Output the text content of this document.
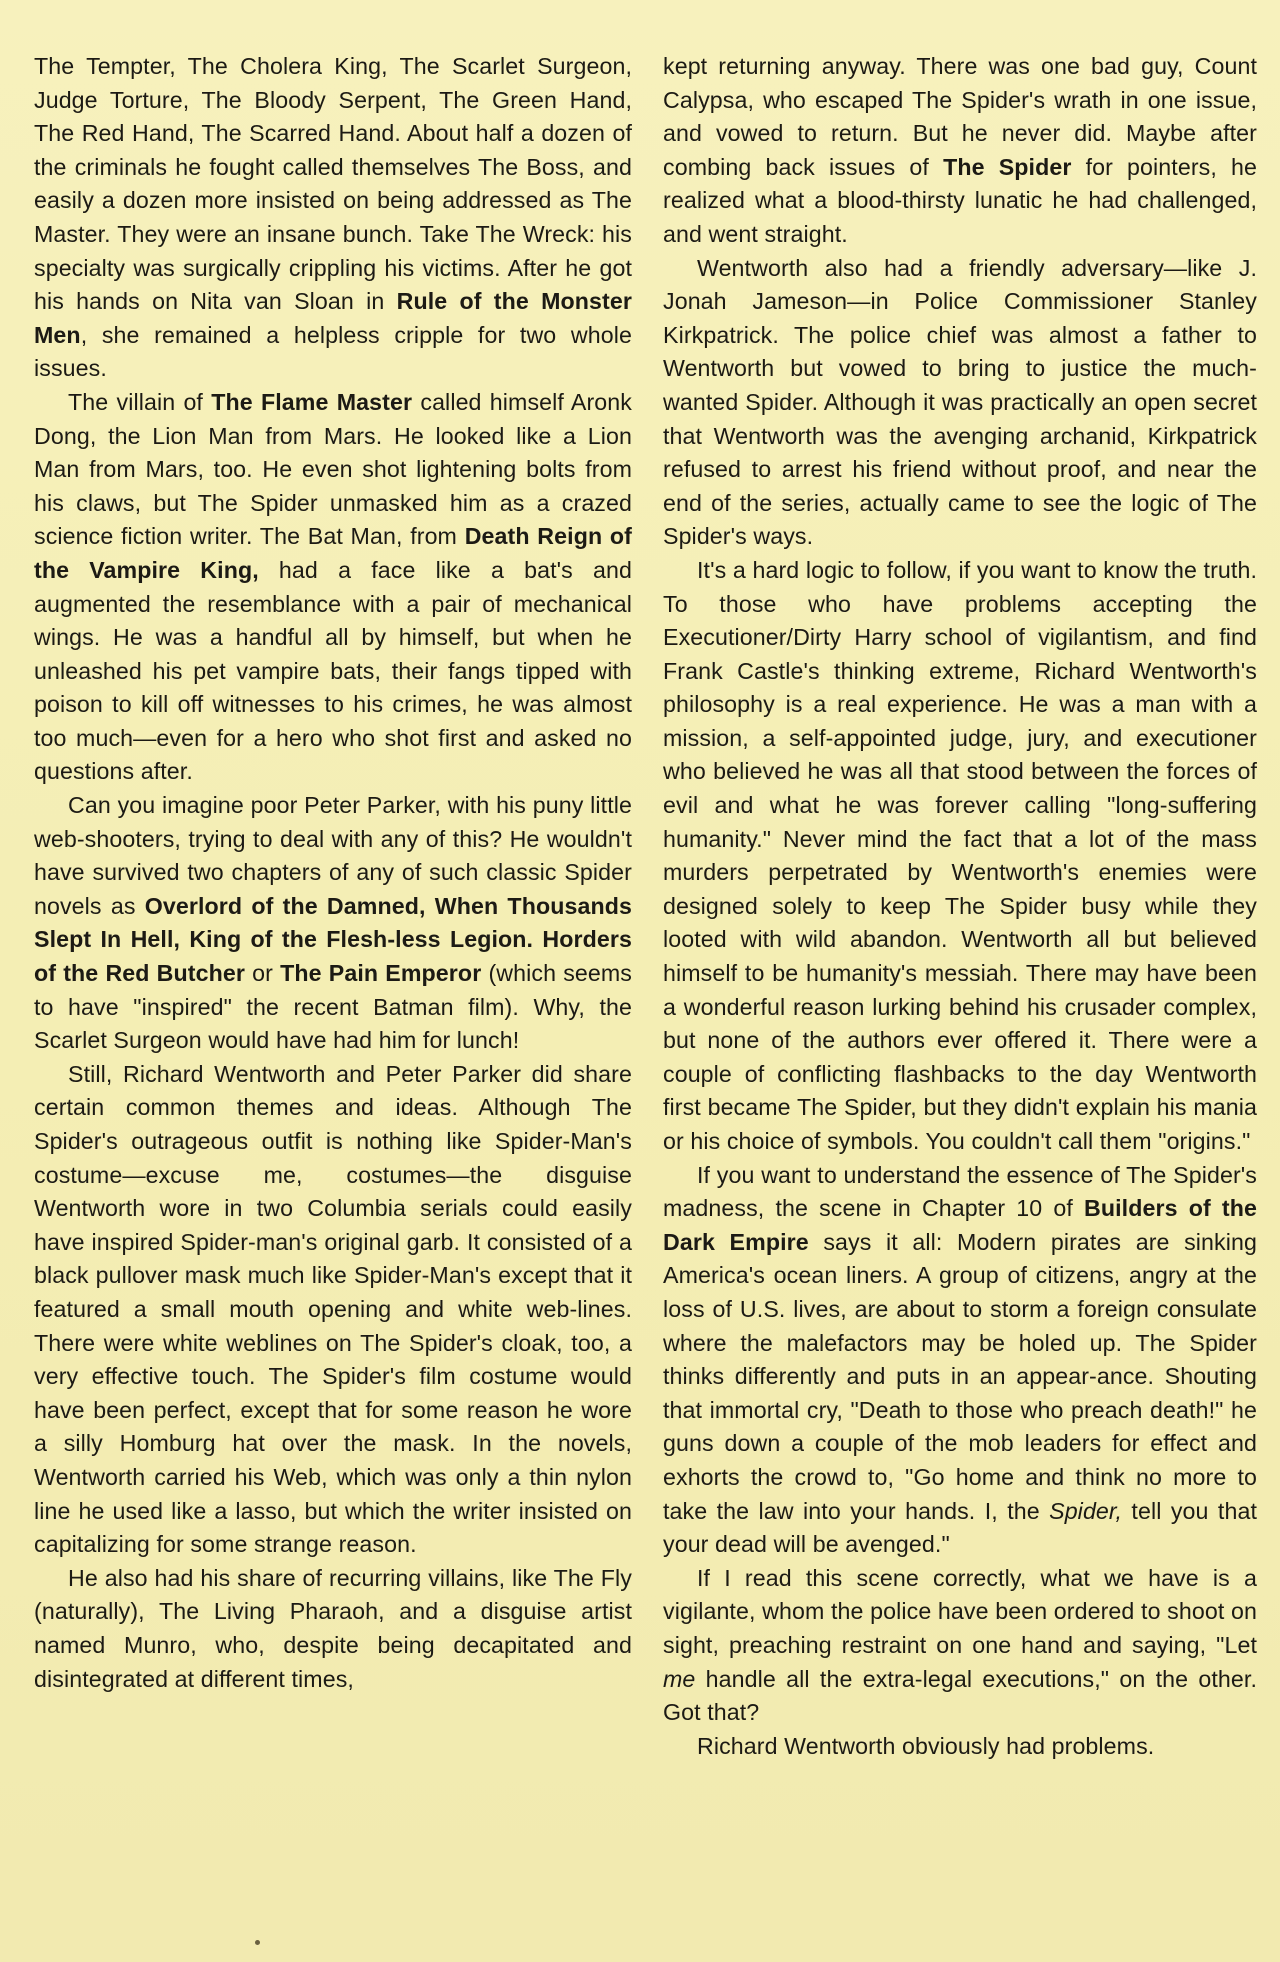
The Tempter, The Cholera King, The Scarlet Surgeon, Judge Torture, The Bloody Serpent, The Green Hand, The Red Hand, The Scarred Hand. About half a dozen of the criminals he fought called themselves The Boss, and easily a dozen more insisted on being addressed as The Master. They were an insane bunch. Take The Wreck: his specialty was surgically crippling his victims. After he got his hands on Nita van Sloan in Rule of the Monster Men, she remained a helpless cripple for two whole issues.

The villain of The Flame Master called himself Aronk Dong, the Lion Man from Mars. He looked like a Lion Man from Mars, too. He even shot lightening bolts from his claws, but The Spider unmasked him as a crazed science fiction writer. The Bat Man, from Death Reign of the Vampire King, had a face like a bat's and augmented the resemblance with a pair of mechanical wings. He was a handful all by himself, but when he unleashed his pet vampire bats, their fangs tipped with poison to kill off witnesses to his crimes, he was almost too much—even for a hero who shot first and asked no questions after.

Can you imagine poor Peter Parker, with his puny little web-shooters, trying to deal with any of this? He wouldn't have survived two chapters of any of such classic Spider novels as Overlord of the Damned, When Thousands Slept In Hell, King of the Flesh-less Legion. Horders of the Red Butcher or The Pain Emperor (which seems to have "inspired" the recent Batman film). Why, the Scarlet Surgeon would have had him for lunch!

Still, Richard Wentworth and Peter Parker did share certain common themes and ideas. Although The Spider's outrageous outfit is nothing like Spider-Man's costume—excuse me, costumes—the disguise Wentworth wore in two Columbia serials could easily have inspired Spider-man's original garb. It consisted of a black pullover mask much like Spider-Man's except that it featured a small mouth opening and white web-lines. There were white weblines on The Spider's cloak, too, a very effective touch. The Spider's film costume would have been perfect, except that for some reason he wore a silly Homburg hat over the mask. In the novels, Wentworth carried his Web, which was only a thin nylon line he used like a lasso, but which the writer insisted on capitalizing for some strange reason.

He also had his share of recurring villains, like The Fly (naturally), The Living Pharaoh, and a disguise artist named Munro, who, despite being decapitated and disintegrated at different times,

kept returning anyway. There was one bad guy, Count Calypsa, who escaped The Spider's wrath in one issue, and vowed to return. But he never did. Maybe after combing back issues of The Spider for pointers, he realized what a blood-thirsty lunatic he had challenged, and went straight.

Wentworth also had a friendly adversary—like J. Jonah Jameson—in Police Commissioner Stanley Kirkpatrick. The police chief was almost a father to Wentworth but vowed to bring to justice the much-wanted Spider. Although it was practically an open secret that Wentworth was the avenging archanid, Kirkpatrick refused to arrest his friend without proof, and near the end of the series, actually came to see the logic of The Spider's ways.

It's a hard logic to follow, if you want to know the truth. To those who have problems accepting the Executioner/Dirty Harry school of vigilantism, and find Frank Castle's thinking extreme, Richard Wentworth's philosophy is a real experience. He was a man with a mission, a self-appointed judge, jury, and executioner who believed he was all that stood between the forces of evil and what he was forever calling "long-suffering humanity." Never mind the fact that a lot of the mass murders perpetrated by Wentworth's enemies were designed solely to keep The Spider busy while they looted with wild abandon. Wentworth all but believed himself to be humanity's messiah. There may have been a wonderful reason lurking behind his crusader complex, but none of the authors ever offered it. There were a couple of conflicting flashbacks to the day Wentworth first became The Spider, but they didn't explain his mania or his choice of symbols. You couldn't call them "origins."

If you want to understand the essence of The Spider's madness, the scene in Chapter 10 of Builders of the Dark Empire says it all: Modern pirates are sinking America's ocean liners. A group of citizens, angry at the loss of U.S. lives, are about to storm a foreign consulate where the malefactors may be holed up. The Spider thinks differently and puts in an appear-ance. Shouting that immortal cry, "Death to those who preach death!" he guns down a couple of the mob leaders for effect and exhorts the crowd to, "Go home and think no more to take the law into your hands. I, the Spider, tell you that your dead will be avenged."

If I read this scene correctly, what we have is a vigilante, whom the police have been ordered to shoot on sight, preaching restraint on one hand and saying, "Let me handle all the extra-legal executions," on the other. Got that?

Richard Wentworth obviously had problems.
